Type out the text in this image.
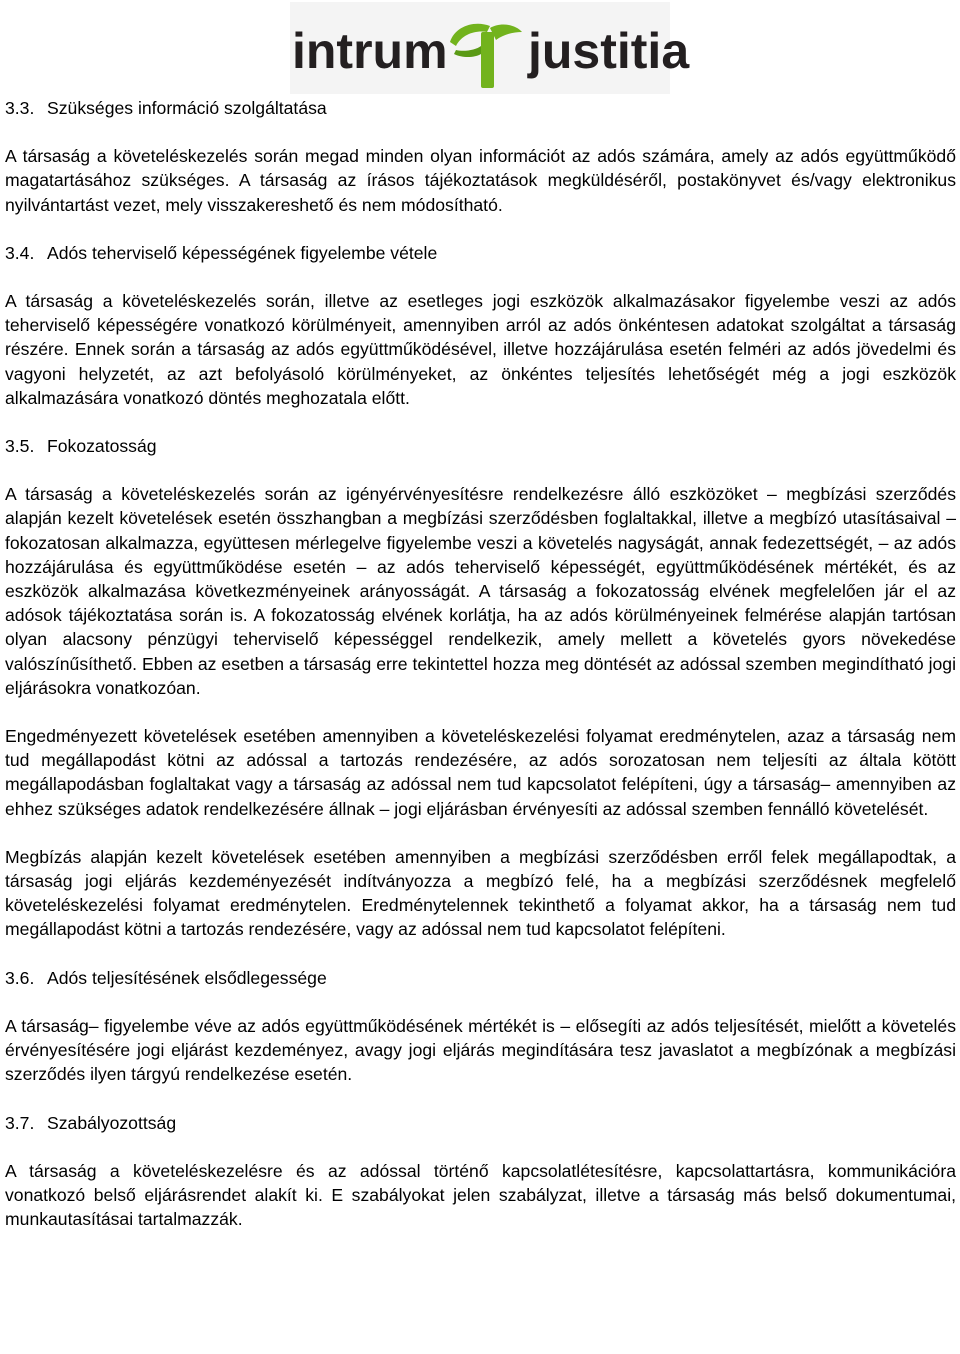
intrum justitia
3.3. Szükséges információ szolgáltatása

A társaság a követeléskezelés során megad minden olyan információt az adós számára, amely az adós együttműködő magatartásához szükséges. A társaság az írásos tájékoztatások megküldéséről, postakönyvet és/vagy elektronikus nyilvántartást vezet, mely visszakereshető és nem módosítható.

3.4. Adós teherviselő képességének figyelembe vétele

A társaság a követeléskezelés során, illetve az esetleges jogi eszközök alkalmazásakor figyelembe veszi az adós teherviselő képességére vonatkozó körülményeit, amennyiben arról az adós önkéntesen adatokat szolgáltat a társaság részére. Ennek során a társaság az adós együttműködésével, illetve hozzájárulása esetén felméri az adós jövedelmi és vagyoni helyzetét, az azt befolyásoló körülményeket, az önkéntes teljesítés lehetőségét még a jogi eszközök alkalmazására vonatkozó döntés meghozatala előtt.

3.5. Fokozatosság

A társaság a követeléskezelés során az igényérvényesítésre rendelkezésre álló eszközöket – megbízási szerződés alapján kezelt követelések esetén összhangban a megbízási szerződésben foglaltakkal, illetve a megbízó utasításaival – fokozatosan alkalmazza, együttesen mérlegelve figyelembe veszi a követelés nagyságát, annak fedezettségét, – az adós hozzájárulása és együttműködése esetén – az adós teherviselő képességét, együttműködésének mértékét, és az eszközök alkalmazása következményeinek arányosságát. A társaság a fokozatosság elvének megfelelően jár el az adósok tájékoztatása során is. A fokozatosság elvének korlátja, ha az adós körülményeinek felmérése alapján tartósan olyan alacsony pénzügyi teherviselő képességgel rendelkezik, amely mellett a követelés gyors növekedése valószínűsíthető. Ebben az esetben a társaság erre tekintettel hozza meg döntését az adóssal szemben megindítható jogi eljárásokra vonatkozóan.

Engedményezett követelések esetében amennyiben a követeléskezelési folyamat eredménytelen, azaz a társaság nem tud megállapodást kötni az adóssal a tartozás rendezésére, az adós sorozatosan nem teljesíti az általa kötött megállapodásban foglaltakat vagy a társaság az adóssal nem tud kapcsolatot felépíteni, úgy a társaság– amennyiben az ehhez szükséges adatok rendelkezésére állnak – jogi eljárásban érvényesíti az adóssal szemben fennálló követelését.

Megbízás alapján kezelt követelések esetében amennyiben a megbízási szerződésben erről felek megállapodtak, a társaság jogi eljárás kezdeményezését indítványozza a megbízó felé, ha a megbízási szerződésnek megfelelő követeléskezelési folyamat eredménytelen. Eredménytelennek tekinthető a folyamat akkor, ha a társaság nem tud megállapodást kötni a tartozás rendezésére, vagy az adóssal nem tud kapcsolatot felépíteni.

3.6. Adós teljesítésének elsődlegessége

A társaság– figyelembe véve az adós együttműködésének mértékét is – elősegíti az adós teljesítését, mielőtt a követelés érvényesítésére jogi eljárást kezdeményez, avagy jogi eljárás megindítására tesz javaslatot a megbízónak a megbízási szerződés ilyen tárgyú rendelkezése esetén.

3.7. Szabályozottság

A társaság a követeléskezelésre és az adóssal történő kapcsolatlétesítésre, kapcsolattartásra, kommunikációra vonatkozó belső eljárásrendet alakít ki. E szabályokat jelen szabályzat, illetve a társaság más belső dokumentumai, munkautasításai tartalmazzák.
